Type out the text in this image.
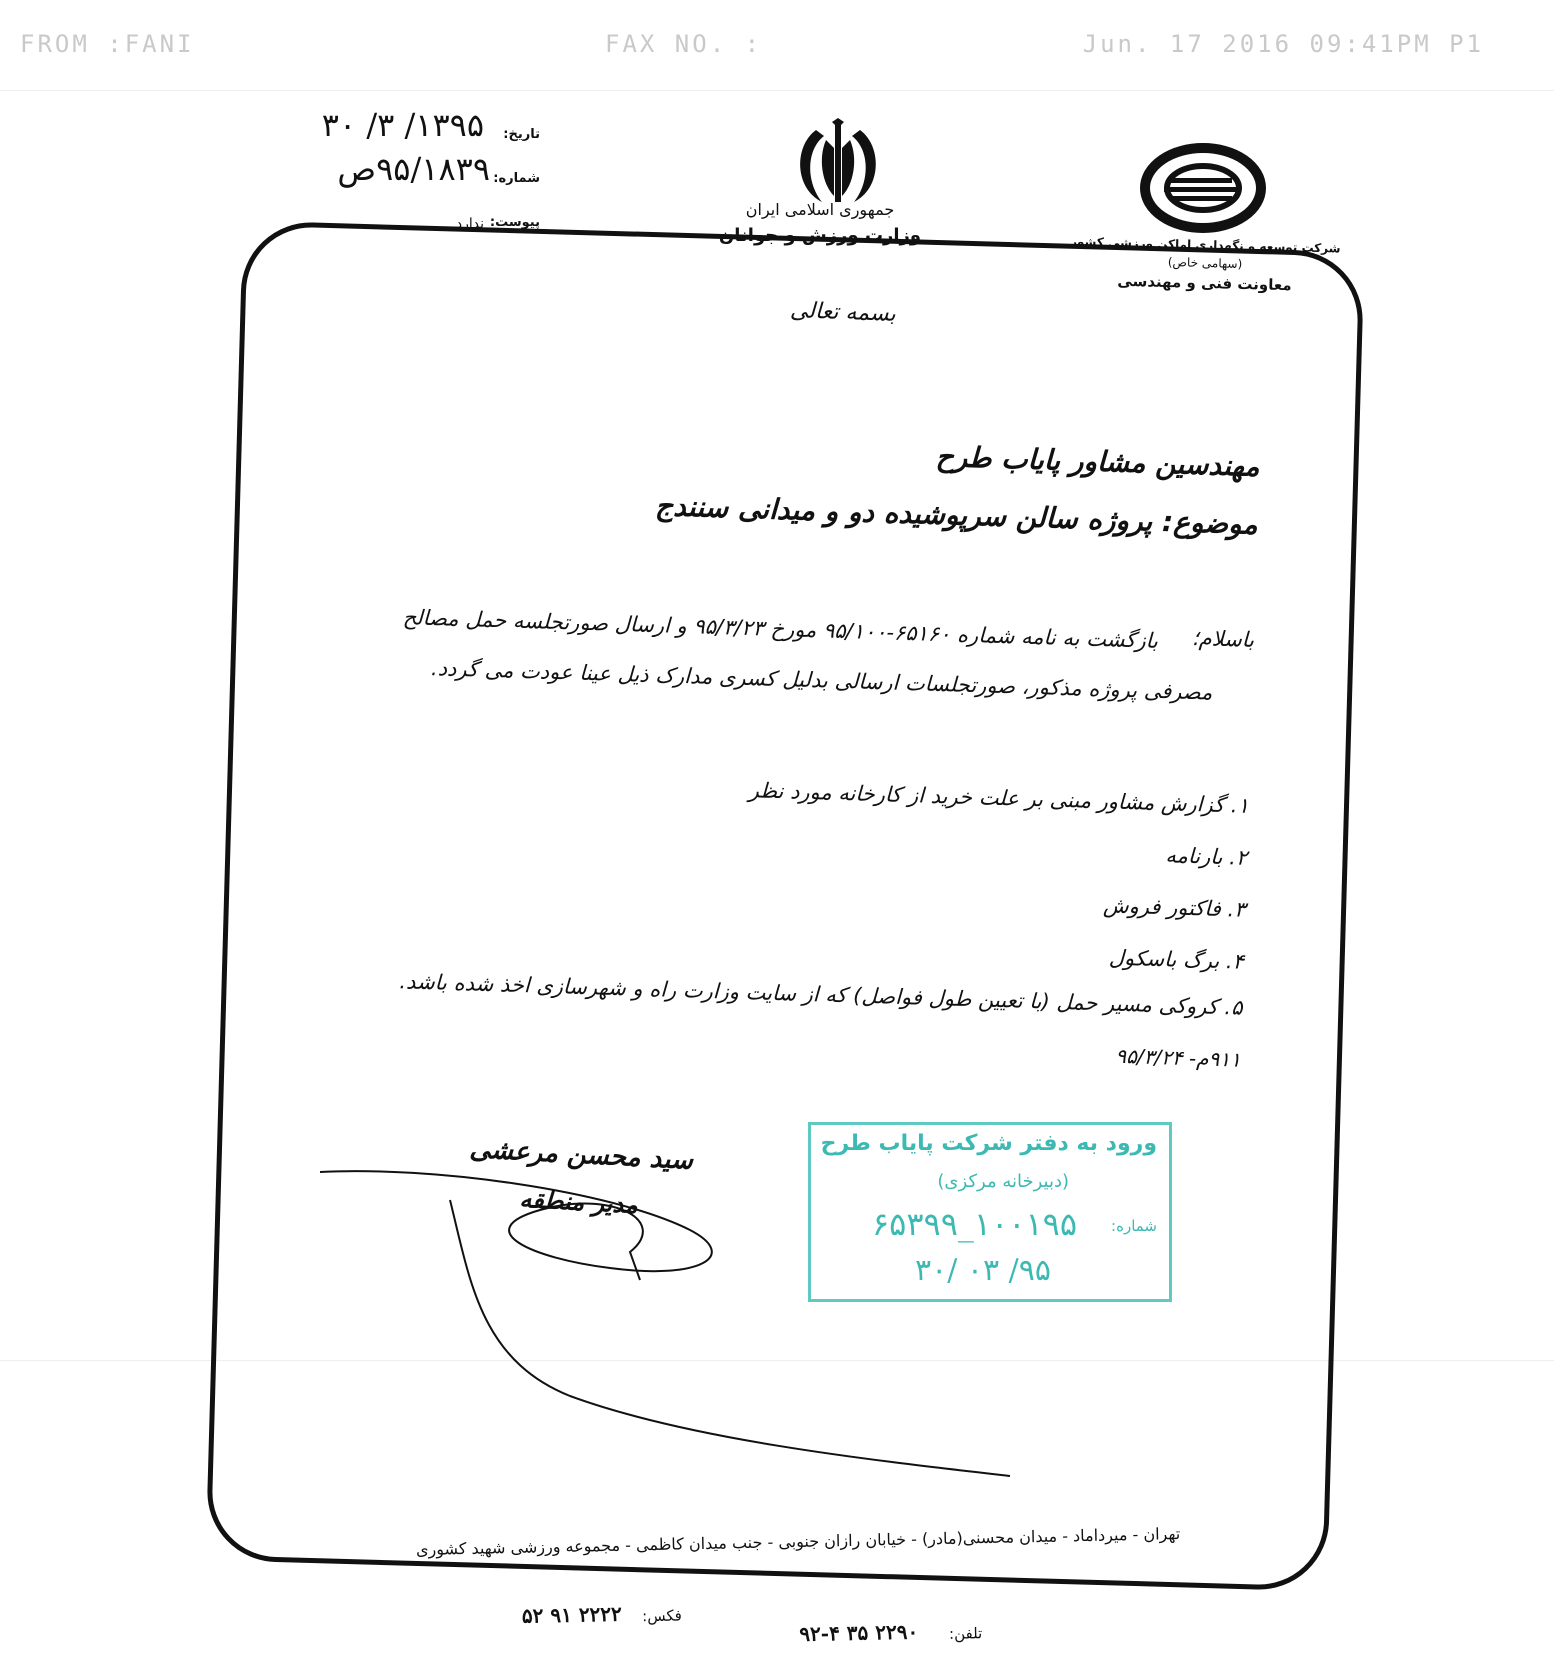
FROM :FANI	FAX NO. :	Jun. 17 2016 09:41PM P1
جمهوری اسلامی ایران
وزارت ورزش و جوانان	شرکت توسعه و نگهداری اماکن ورزشی کشور
(سهامی خاص)
معاونت فنی و مهندسی
تاریخ:
۱۳۹۵/ ۳/ ۳۰
شماره:
۹۵/۱۸۳۹ص
پیوست:
ندارد
بسمه تعالی
مهندسین مشاور پایاب طرح
موضوع: پروژه سالن سرپوشیده دو و میدانی سنندج
باسلام؛
بازگشت به نامه شماره ۶۵۱۶۰-۹۵/۱۰۰ مورخ ۹۵/۳/۲۳ و ارسال صورتجلسه حمل مصالح
مصرفی پروژه مذکور، صورتجلسات ارسالی بدلیل کسری مدارک ذیل عینا عودت می گردد.
۱. گزارش مشاور مبنی بر علت خرید از کارخانه مورد نظر
۲. بارنامه
۳. فاکتور فروش
۴. برگ باسکول
۵. کروکی مسیر حمل (با تعیین طول فواصل) که از سایت وزارت راه و شهرسازی اخذ شده باشد.
۹۱۱م- ۹۵/۳/۲۴
سید محسن مرعشی
مدیر منطقه
ورود به دفتر شرکت پایاب طرح
(دبیرخانه مرکزی)
شماره:
۱۰۰۱۹۵_۶۵۳۹۹
۹۵/ ۰۳ /۳۰
تهران - میرداماد - میدان محسنی(مادر) - خیابان رازان جنوبی - جنب میدان کاظمی - مجموعه ورزشی شهید کشوری
فکس:
۲۲۲۲ ۹۱ ۵۲
تلفن:
۲۲۹۰ ۳۵ ۹۲-۴
